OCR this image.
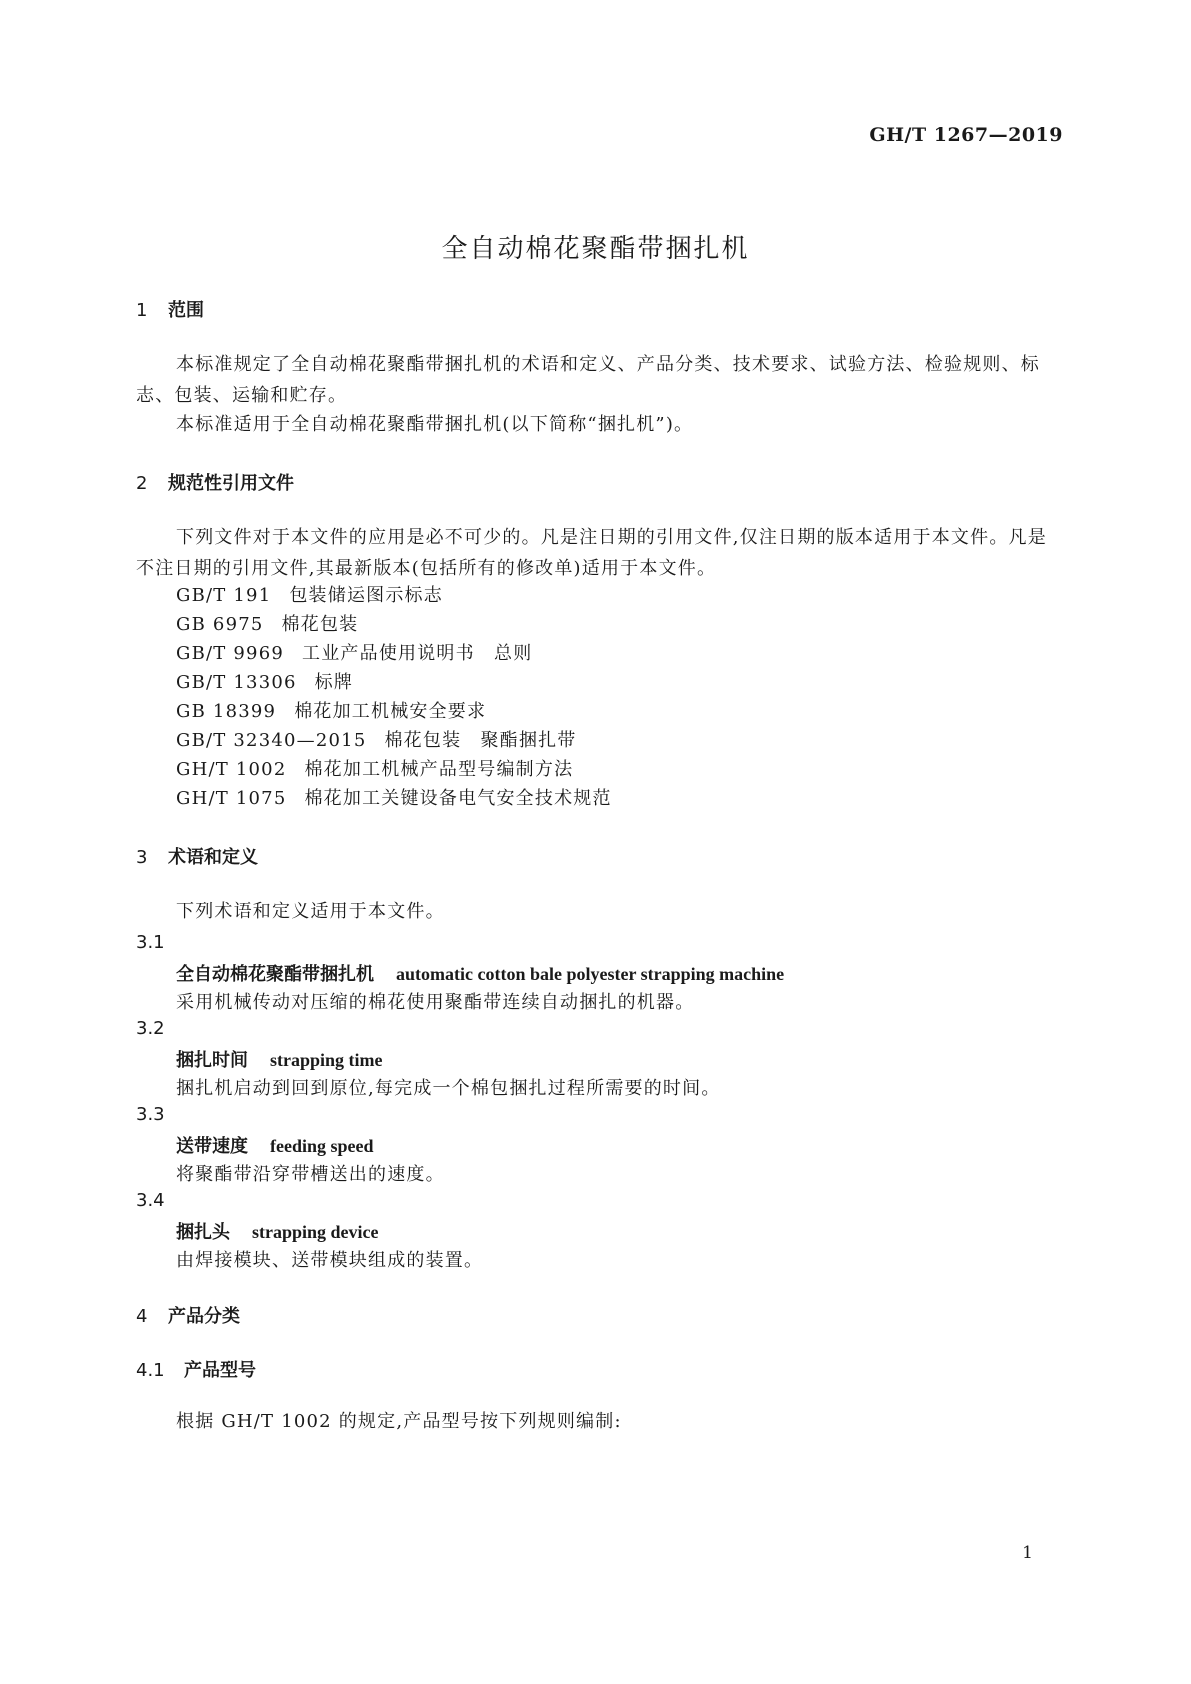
GH/T 1267—2019
全自动棉花聚酯带捆扎机
1 范围
本标准规定了全自动棉花聚酯带捆扎机的术语和定义、产品分类、技术要求、试验方法、检验规则、标志、包装、运输和贮存。
本标准适用于全自动棉花聚酯带捆扎机(以下简称“捆扎机”)。
2 规范性引用文件
下列文件对于本文件的应用是必不可少的。凡是注日期的引用文件,仅注日期的版本适用于本文件。凡是不注日期的引用文件,其最新版本(包括所有的修改单)适用于本文件。
GB/T 191 包装储运图示标志
GB 6975 棉花包装
GB/T 9969 工业产品使用说明书　总则
GB/T 13306 标牌
GB 18399 棉花加工机械安全要求
GB/T 32340—2015 棉花包装　聚酯捆扎带
GH/T 1002 棉花加工机械产品型号编制方法
GH/T 1075 棉花加工关键设备电气安全技术规范
3 术语和定义
下列术语和定义适用于本文件。
3.1
全自动棉花聚酯带捆扎机 automatic cotton bale polyester strapping machine
采用机械传动对压缩的棉花使用聚酯带连续自动捆扎的机器。
3.2
捆扎时间 strapping time
捆扎机启动到回到原位,每完成一个棉包捆扎过程所需要的时间。
3.3
送带速度 feeding speed
将聚酯带沿穿带槽送出的速度。
3.4
捆扎头 strapping device
由焊接模块、送带模块组成的装置。
4 产品分类
4.1 产品型号
根据 GH/T 1002 的规定,产品型号按下列规则编制:
1
